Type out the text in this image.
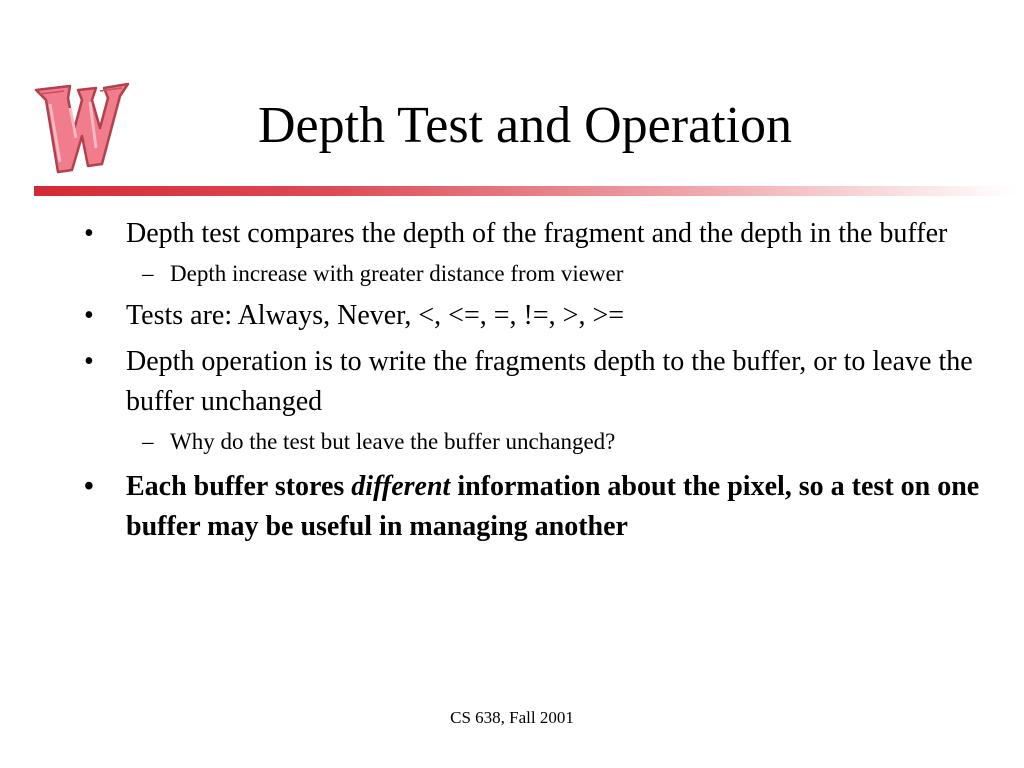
Depth Test and Operation
• Depth test compares the depth of the fragment and the depth in the buffer
– Depth increase with greater distance from viewer
• Tests are: Always, Never, <, <=, =, !=, >, >=
• Depth operation is to write the fragments depth to the buffer, or to leave the buffer unchanged
– Why do the test but leave the buffer unchanged?
• Each buffer stores different information about the pixel, so a test on one buffer may be useful in managing another
CS 638, Fall 2001
